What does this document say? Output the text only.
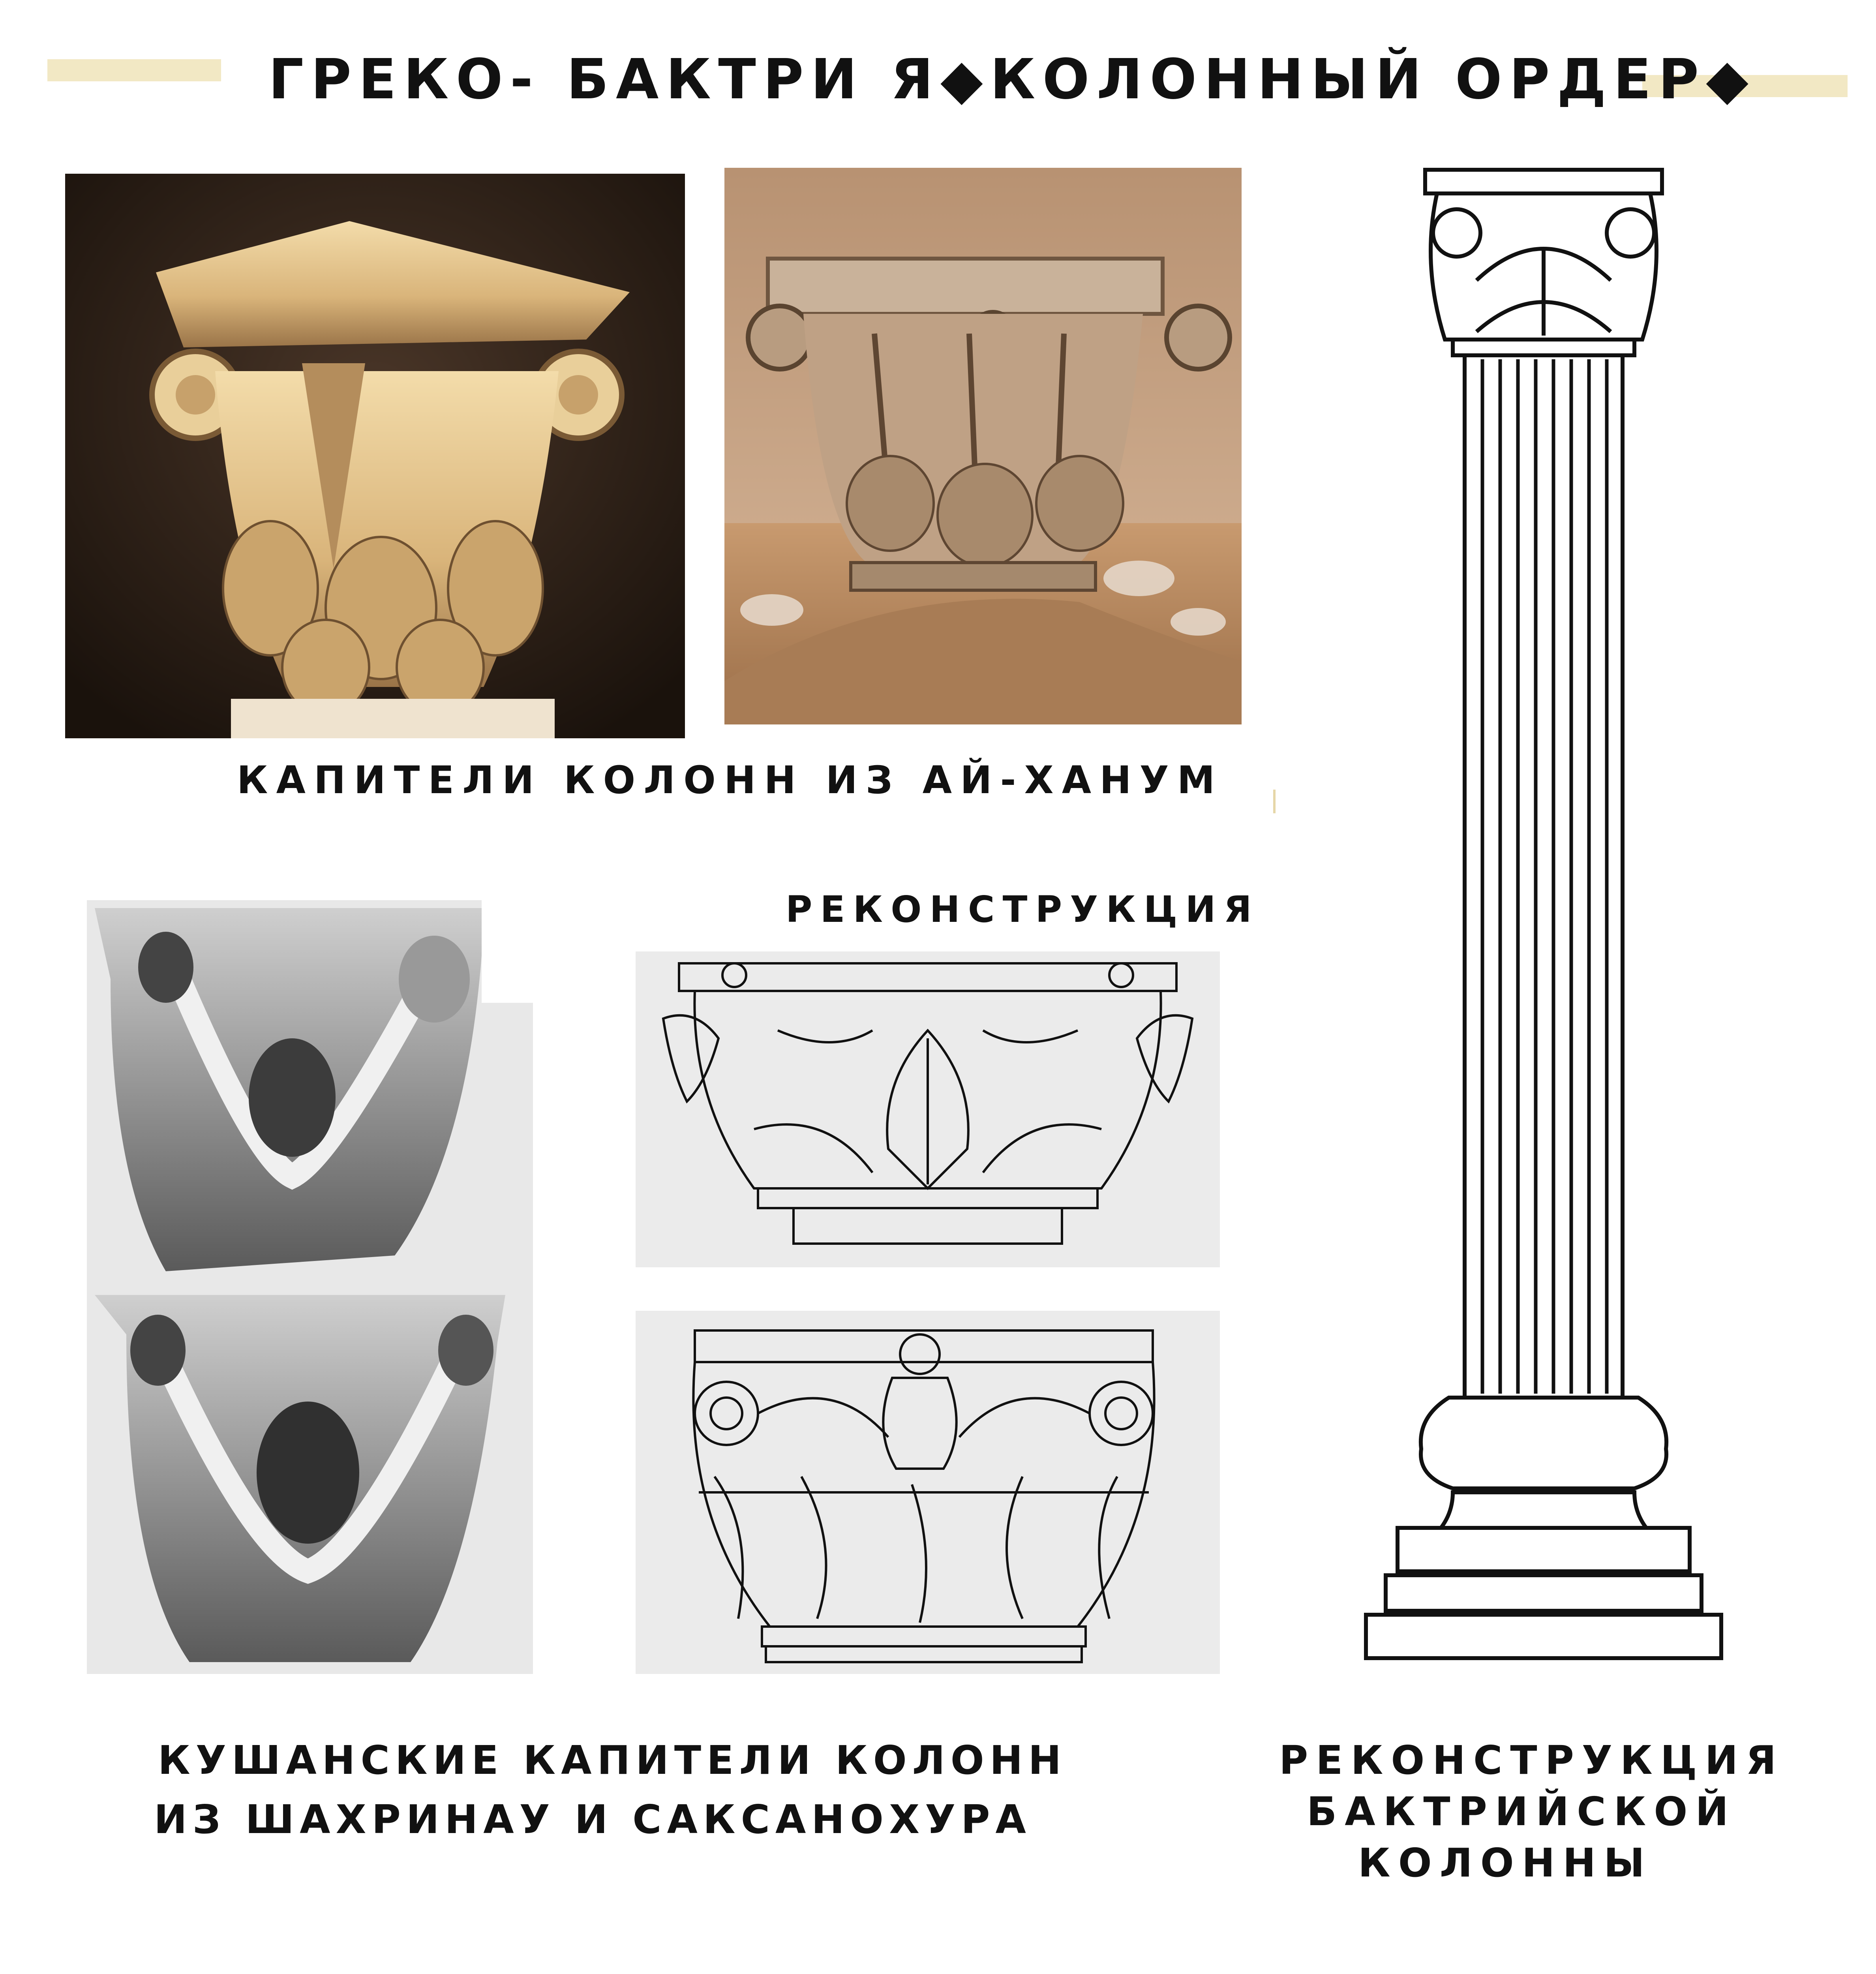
ГРЕКО- БАКТРИ Я◆КОЛОННЫЙ ОРДЕР◆
КАПИТЕЛИ КОЛОНН ИЗ АЙ-ХАНУМ
РЕКОНСТРУКЦИЯ
КУШАНСКИЕ КАПИТЕЛИ КОЛОНН
ИЗ ШАХРИНАУ И САКСАНОХУРА
РЕКОНСТРУКЦИЯ
БАКТРИЙСКОЙ
КОЛОННЫ
